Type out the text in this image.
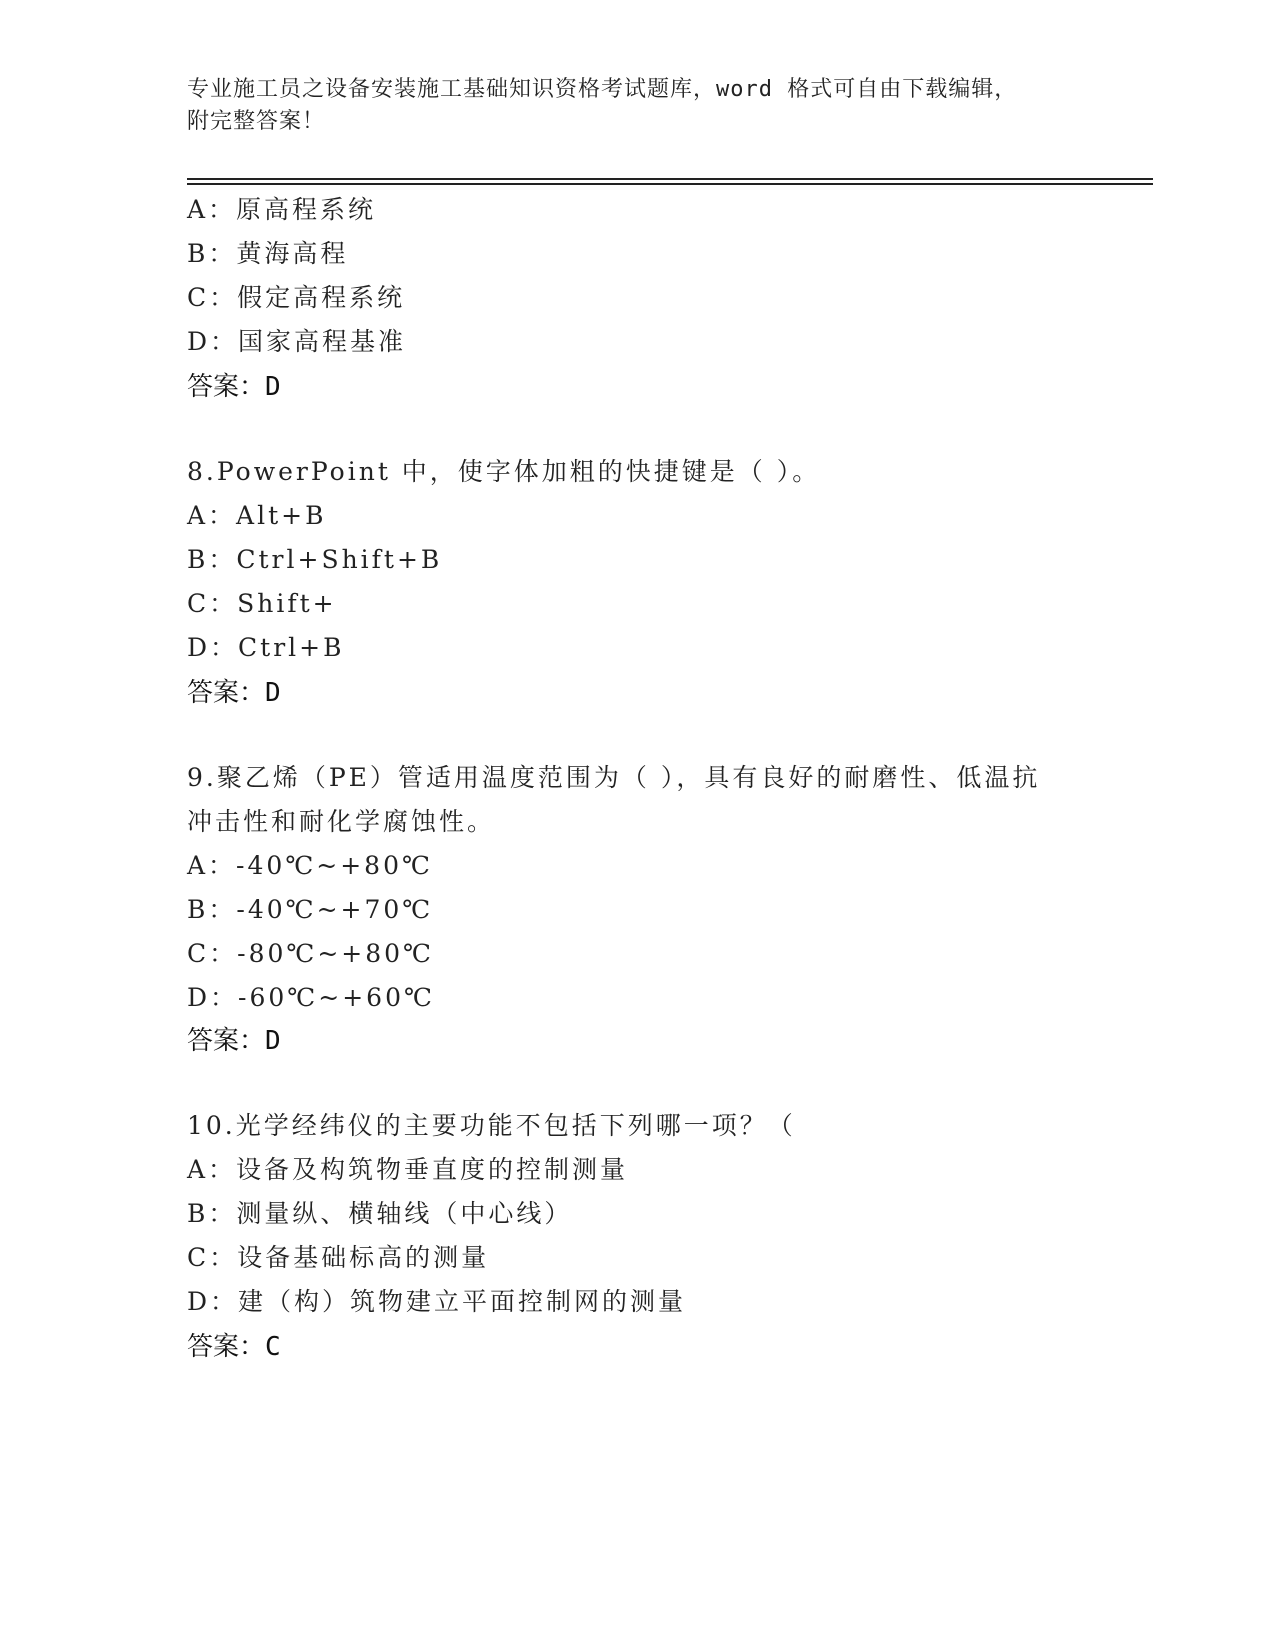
专业施工员之设备安装施工基础知识资格考试题库，word 格式可自由下载编辑，
附完整答案！
A：原高程系统
B：黄海高程
C：假定高程系统
D：国家高程基准
答案：D
8.PowerPoint 中，使字体加粗的快捷键是（ ）。
A：Alt+B
B：Ctrl+Shift+B
C：Shift+
D：Ctrl+B
答案：D
9.聚乙烯（PE）管适用温度范围为（ ），具有良好的耐磨性、低温抗
冲击性和耐化学腐蚀性。
A：-40℃~+80℃
B：-40℃~+70℃
C：-80℃~+80℃
D：-60℃~+60℃
答案：D
10.光学经纬仪的主要功能不包括下列哪一项？（
A：设备及构筑物垂直度的控制测量
B：测量纵、横轴线（中心线）
C：设备基础标高的测量
D：建（构）筑物建立平面控制网的测量
答案：C
